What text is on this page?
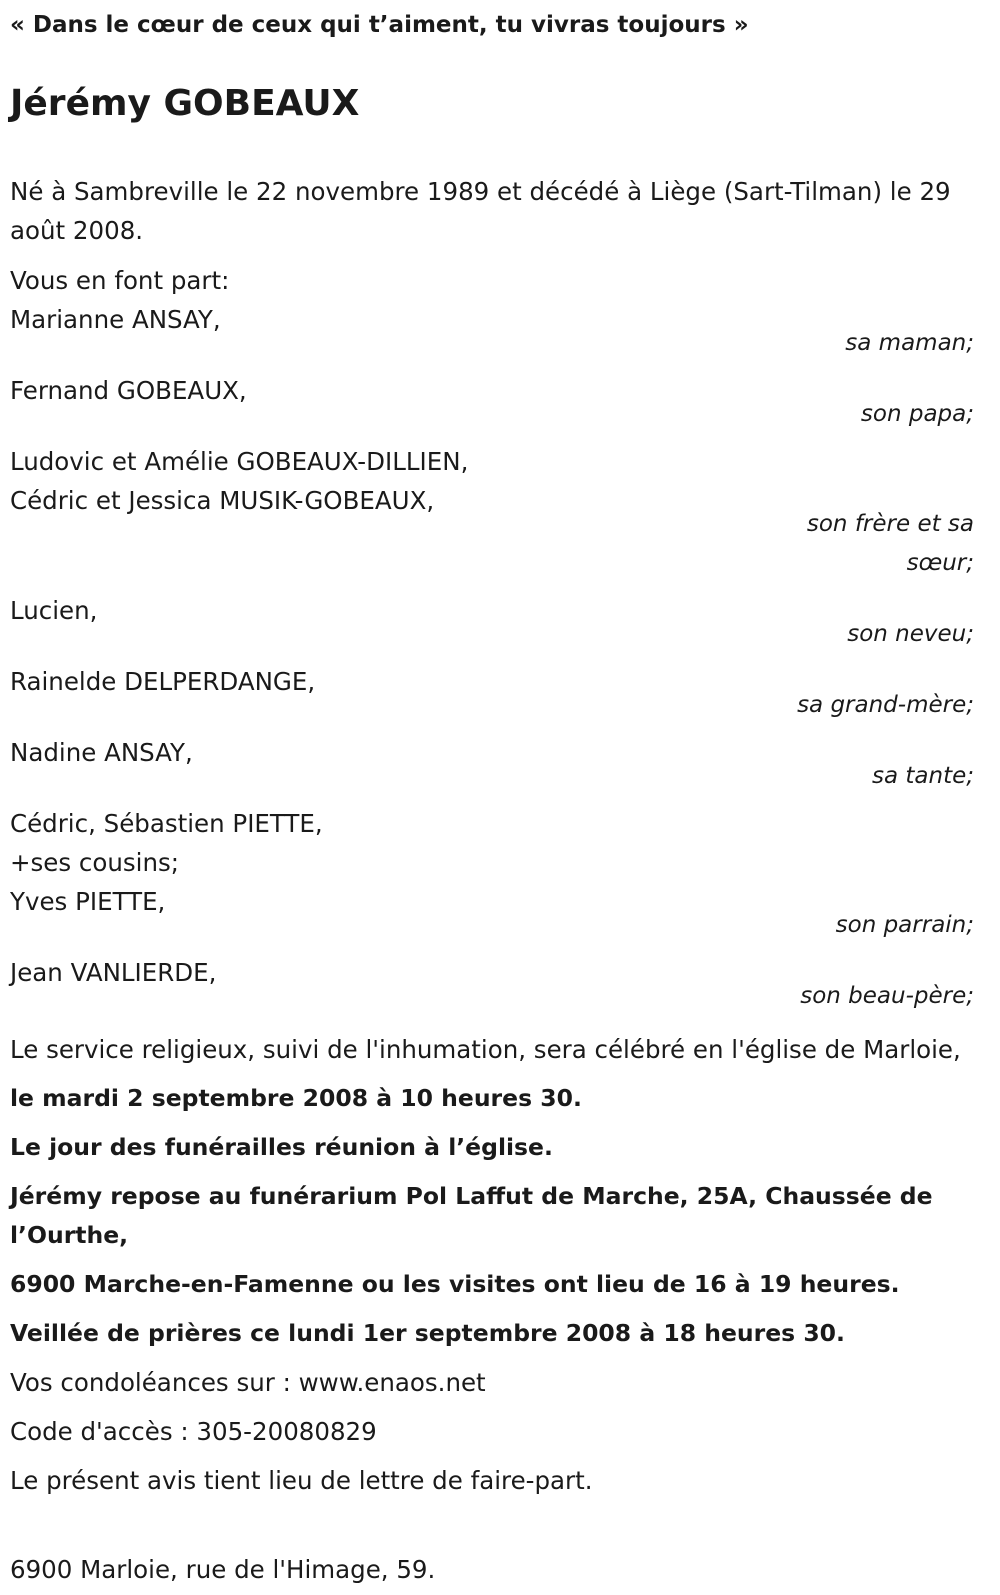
« Dans le cœur de ceux qui t’aiment, tu vivras toujours »

Jérémy GOBEAUX

Né à Sambreville le 22 novembre 1989 et décédé à Liège (Sart-Tilman) le 29 août 2008.

Vous en font part:

Marianne ANSAY,
sa maman;
Fernand GOBEAUX,
son papa;
Ludovic et Amélie GOBEAUX-DILLIEN,
Cédric et Jessica MUSIK-GOBEAUX,
son frère et sa sœur;
Lucien,
son neveu;
Rainelde DELPERDANGE,
sa grand-mère;
Nadine ANSAY,
sa tante;
Cédric, Sébastien PIETTE,
+ses cousins;
Yves PIETTE,
son parrain;
Jean VANLIERDE,
son beau-père;

Le service religieux, suivi de l'inhumation, sera célébré en l'église de Marloie,

le mardi 2 septembre 2008 à 10 heures 30.

Le jour des funérailles réunion à l’église.

Jérémy repose au funérarium Pol Laffut de Marche, 25A, Chaussée de l’Ourthe,

6900 Marche-en-Famenne ou les visites ont lieu de 16 à 19 heures.

Veillée de prières ce lundi 1er septembre 2008 à 18 heures 30.

Vos condoléances sur : www.enaos.net

Code d'accès : 305-20080829

Le présent avis tient lieu de lettre de faire-part.

6900 Marloie, rue de l'Himage, 59.
